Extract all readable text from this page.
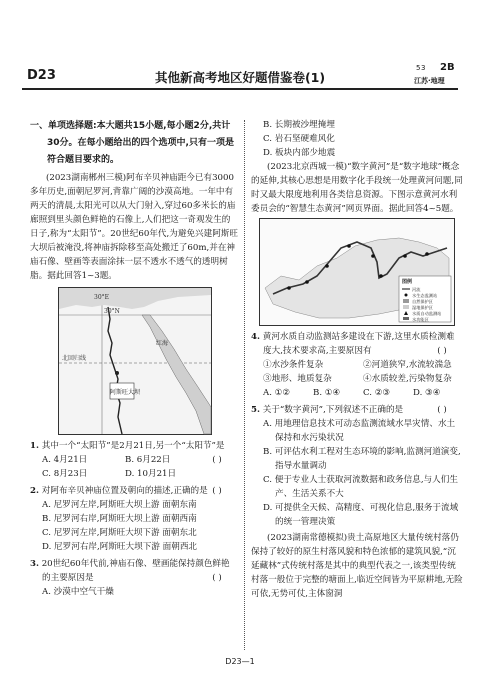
D23	其他新高考地区好题借鉴卷(1)
53 2B
江苏·地理
一、 单项选择题:本大题共15小题,每小题2分,共计30分。在每小题给出的四个选项中,只有一项是符合题目要求的。

(2023湖南郴州三模)阿布辛贝神庙距今已有3000多年历史,面朝尼罗河,背靠广阔的沙漠高地。一年中有两天的清晨,太阳光可以从大门射入,穿过60多米长的庙廊照到里头颜色鲜艳的石像上,人们把这一奇观发生的日子,称为“太阳节”。20世纪60年代,为避免兴建阿斯旺大坝后被淹没,将神庙拆除移至高处搬迁了60m,并在神庙石像、壁画等表面涂抹一层不透水不透气的透明树脂。据此回答1~3题。

30°N
30°E
北回归线
阿斯旺大坝
红海
1. 其中一个“太阳节”是2月21日,另一个“太阳节”是
( )
A. 4月21日	B. 6月22日
C. 8月23日	D. 10月21日
2. 对阿布辛贝神庙位置及朝向的描述,正确的是 ( )
A. 尼罗河左岸,阿斯旺大坝上游 面朝东南
B. 尼罗河右岸,阿斯旺大坝上游 面朝西南
C. 尼罗河左岸,阿斯旺大坝下游 面朝东北
D. 尼罗河右岸,阿斯旺大坝下游 面朝西北
3. 20世纪60年代前,神庙石像、壁画能保持颜色鲜艳的主要原因是	( )
A. 沙漠中空气干燥
B. 长期被沙埋掩埋
C. 岩石坚硬难风化
D. 板块内部少地震

(2023北京西城一模)“数字黄河”是“数字地球”概念的延伸,其核心思想是用数字化手段统一处理黄河问题,同时又最大限度地利用各类信息资源。下图示意黄河水利委员会的“智慧生态黄河”网页界面。据此回答4~5题。

图例
河流
水生态监测站
自然保护区
湿地保护区
水质自动监测站
水功能区
4. 黄河水质自动监测站多建设在下游,这里水质检测难度大,技术要求高,主要原因有	( )
①水沙条件复杂	②河道狭窄,水流较湍急
③地形、地质复杂	④水质较差,污染物复杂
A. ①②	B. ①④	C. ②③	D. ③④
5. 关于“数字黄河”,下列叙述不正确的是	( )
A. 用地理信息技术可动态监测流域水旱灾情、水土保持和水污染状况
B. 可评估水利工程对生态环境的影响,监测河道演变,指导水量调动
C. 便于专业人士获取河流数据和政务信息,与人们生产、生活关系不大
D. 可提供全天候、高精度、可视化信息,服务于流域的统一管理决策

(2023湖南常德模拟)贵土高原地区大量传统村落仍保持了较好的原生村落风貌和特色浓郁的建筑风貌,“沉延藏林”式传统村落是其中的典型代表之一,该类型传统村落一般位于完整的塘面上,临近空间皆为平原耕地,无险可依,无势可仗,主体窗洞

D23—1
